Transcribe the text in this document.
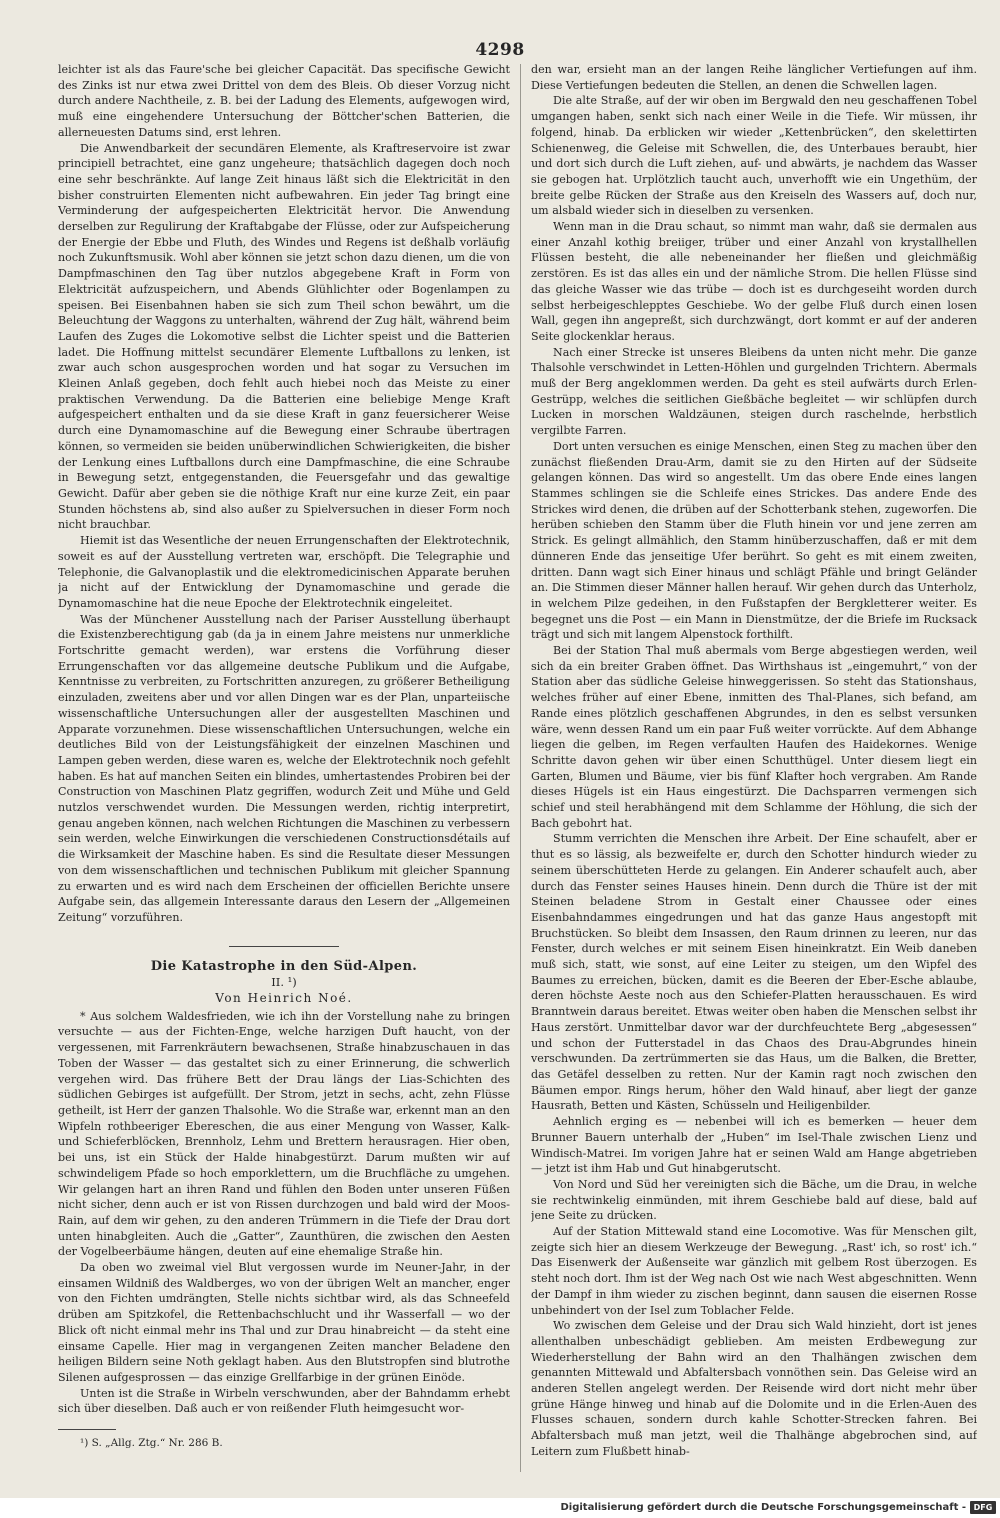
4298

leichter ist als das Faure'sche bei gleicher Capacität. Das specifische Gewicht des Zinks ist nur etwa zwei Drittel von dem des Bleis. Ob dieser Vorzug nicht durch andere Nachtheile, z. B. bei der Ladung des Elements, aufgewogen wird, muß eine eingehendere Untersuchung der Böttcher'schen Batterien, die allerneuesten Datums sind, erst lehren.

Die Anwendbarkeit der secundären Elemente, als Kraftreservoire ist zwar principiell betrachtet, eine ganz ungeheure; thatsächlich dagegen doch noch eine sehr beschränkte. Auf lange Zeit hinaus läßt sich die Elektricität in den bisher construirten Elementen nicht aufbewahren. Ein jeder Tag bringt eine Verminderung der aufgespeicherten Elektricität hervor. Die Anwendung derselben zur Regulirung der Kraftabgabe der Flüsse, oder zur Aufspeicherung der Energie der Ebbe und Fluth, des Windes und Regens ist deßhalb vorläufig noch Zukunftsmusik. Wohl aber können sie jetzt schon dazu dienen, um die von Dampfmaschinen den Tag über nutzlos abgegebene Kraft in Form von Elektricität aufzuspeichern, und Abends Glühlichter oder Bogenlampen zu speisen. Bei Eisenbahnen haben sie sich zum Theil schon bewährt, um die Beleuchtung der Waggons zu unterhalten, während der Zug hält, während beim Laufen des Zuges die Lokomotive selbst die Lichter speist und die Batterien ladet. Die Hoffnung mittelst secundärer Elemente Luftballons zu lenken, ist zwar auch schon ausgesprochen worden und hat sogar zu Versuchen im Kleinen Anlaß gegeben, doch fehlt auch hiebei noch das Meiste zu einer praktischen Verwendung. Da die Batterien eine beliebige Menge Kraft aufgespeichert enthalten und da sie diese Kraft in ganz feuersicherer Weise durch eine Dynamomaschine auf die Bewegung einer Schraube übertragen können, so vermeiden sie beiden unüberwindlichen Schwierigkeiten, die bisher der Lenkung eines Luftballons durch eine Dampfmaschine, die eine Schraube in Bewegung setzt, entgegenstanden, die Feuersgefahr und das gewaltige Gewicht. Dafür aber geben sie die nöthige Kraft nur eine kurze Zeit, ein paar Stunden höchstens ab, sind also außer zu Spielversuchen in dieser Form noch nicht brauchbar.

Hiemit ist das Wesentliche der neuen Errungenschaften der Elektrotechnik, soweit es auf der Ausstellung vertreten war, erschöpft. Die Telegraphie und Telephonie, die Galvanoplastik und die elektromedicinischen Apparate beruhen ja nicht auf der Entwicklung der Dynamomaschine und gerade die Dynamomaschine hat die neue Epoche der Elektrotechnik eingeleitet.

Was der Münchener Ausstellung nach der Pariser Ausstellung überhaupt die Existenzberechtigung gab (da ja in einem Jahre meistens nur unmerkliche Fortschritte gemacht werden), war erstens die Vorführung dieser Errungenschaften vor das allgemeine deutsche Publikum und die Aufgabe, Kenntnisse zu verbreiten, zu Fortschritten anzuregen, zu größerer Betheiligung einzuladen, zweitens aber und vor allen Dingen war es der Plan, unparteiische wissenschaftliche Untersuchungen aller der ausgestellten Maschinen und Apparate vorzunehmen. Diese wissenschaftlichen Untersuchungen, welche ein deutliches Bild von der Leistungsfähigkeit der einzelnen Maschinen und Lampen geben werden, diese waren es, welche der Elektrotechnik noch gefehlt haben. Es hat auf manchen Seiten ein blindes, umhertastendes Probiren bei der Construction von Maschinen Platz gegriffen, wodurch Zeit und Mühe und Geld nutzlos verschwendet wurden. Die Messungen werden, richtig interpretirt, genau angeben können, nach welchen Richtungen die Maschinen zu verbessern sein werden, welche Einwirkungen die verschiedenen Constructionsdétails auf die Wirksamkeit der Maschine haben. Es sind die Resultate dieser Messungen von dem wissenschaftlichen und technischen Publikum mit gleicher Spannung zu erwarten und es wird nach dem Erscheinen der officiellen Berichte unsere Aufgabe sein, das allgemein Interessante daraus den Lesern der „Allgemeinen Zeitung“ vorzuführen.

Die Katastrophe in den Süd-Alpen.
II. ¹)
Von Heinrich Noé.

* Aus solchem Waldesfrieden, wie ich ihn der Vorstellung nahe zu bringen versuchte — aus der Fichten-Enge, welche harzigen Duft haucht, von der vergessenen, mit Farrenkräutern bewachsenen, Straße hinabzuschauen in das Toben der Wasser — das gestaltet sich zu einer Erinnerung, die schwerlich vergehen wird. Das frühere Bett der Drau längs der Lias-Schichten des südlichen Gebirges ist aufgefüllt. Der Strom, jetzt in sechs, acht, zehn Flüsse getheilt, ist Herr der ganzen Thalsohle. Wo die Straße war, erkennt man an den Wipfeln rothbeeriger Ebereschen, die aus einer Mengung von Wasser, Kalk- und Schieferblöcken, Brennholz, Lehm und Brettern herausragen. Hier oben, bei uns, ist ein Stück der Halde hinabgestürzt. Darum mußten wir auf schwindeligem Pfade so hoch emporklettern, um die Bruchfläche zu umgehen. Wir gelangen hart an ihren Rand und fühlen den Boden unter unseren Füßen nicht sicher, denn auch er ist von Rissen durchzogen und bald wird der Moos-Rain, auf dem wir gehen, zu den anderen Trümmern in die Tiefe der Drau dort unten hinabgleiten. Auch die „Gatter“, Zaunthüren, die zwischen den Aesten der Vogelbeerbäume hängen, deuten auf eine ehemalige Straße hin.

Da oben wo zweimal viel Blut vergossen wurde im Neuner-Jahr, in der einsamen Wildniß des Waldberges, wo von der übrigen Welt an mancher, enger von den Fichten umdrängten, Stelle nichts sichtbar wird, als das Schneefeld drüben am Spitzkofel, die Rettenbachschlucht und ihr Wasserfall — wo der Blick oft nicht einmal mehr ins Thal und zur Drau hinabreicht — da steht eine einsame Capelle. Hier mag in vergangenen Zeiten mancher Beladene den heiligen Bildern seine Noth geklagt haben. Aus den Blutstropfen sind blutrothe Silenen aufgesprossen — das einzige Grellfarbige in der grünen Einöde.

Unten ist die Straße in Wirbeln verschwunden, aber der Bahndamm erhebt sich über dieselben. Daß auch er von reißender Fluth heimgesucht wor-

¹) S. „Allg. Ztg.“ Nr. 286 B.

den war, ersieht man an der langen Reihe länglicher Vertiefungen auf ihm. Diese Vertiefungen bedeuten die Stellen, an denen die Schwellen lagen.

Die alte Straße, auf der wir oben im Bergwald den neu geschaffenen Tobel umgangen haben, senkt sich nach einer Weile in die Tiefe. Wir müssen, ihr folgend, hinab. Da erblicken wir wieder „Kettenbrücken“, den skelettirten Schienenweg, die Geleise mit Schwellen, die, des Unterbaues beraubt, hier und dort sich durch die Luft ziehen, auf- und abwärts, je nachdem das Wasser sie gebogen hat. Urplötzlich taucht auch, unverhofft wie ein Ungethüm, der breite gelbe Rücken der Straße aus den Kreiseln des Wassers auf, doch nur, um alsbald wieder sich in dieselben zu versenken.

Wenn man in die Drau schaut, so nimmt man wahr, daß sie dermalen aus einer Anzahl kothig breiiger, trüber und einer Anzahl von krystallhellen Flüssen besteht, die alle nebeneinander her fließen und gleichmäßig zerstören. Es ist das alles ein und der nämliche Strom. Die hellen Flüsse sind das gleiche Wasser wie das trübe — doch ist es durchgeseiht worden durch selbst herbeigeschlepptes Geschiebe. Wo der gelbe Fluß durch einen losen Wall, gegen ihn angepreßt, sich durchzwängt, dort kommt er auf der anderen Seite glockenklar heraus.

Nach einer Strecke ist unseres Bleibens da unten nicht mehr. Die ganze Thalsohle verschwindet in Letten-Höhlen und gurgelnden Trichtern. Abermals muß der Berg angeklommen werden. Da geht es steil aufwärts durch Erlen-Gestrüpp, welches die seitlichen Gießbäche begleitet — wir schlüpfen durch Lucken in morschen Waldzäunen, steigen durch raschelnde, herbstlich vergilbte Farren.

Dort unten versuchen es einige Menschen, einen Steg zu machen über den zunächst fließenden Drau-Arm, damit sie zu den Hirten auf der Südseite gelangen können. Das wird so angestellt. Um das obere Ende eines langen Stammes schlingen sie die Schleife eines Strickes. Das andere Ende des Strickes wird denen, die drüben auf der Schotterbank stehen, zugeworfen. Die herüben schieben den Stamm über die Fluth hinein vor und jene zerren am Strick. Es gelingt allmählich, den Stamm hinüberzuschaffen, daß er mit dem dünneren Ende das jenseitige Ufer berührt. So geht es mit einem zweiten, dritten. Dann wagt sich Einer hinaus und schlägt Pfähle und bringt Geländer an. Die Stimmen dieser Männer hallen herauf. Wir gehen durch das Unterholz, in welchem Pilze gedeihen, in den Fußstapfen der Bergkletterer weiter. Es begegnet uns die Post — ein Mann in Dienstmütze, der die Briefe im Rucksack trägt und sich mit langem Alpenstock forthilft.

Bei der Station Thal muß abermals vom Berge abgestiegen werden, weil sich da ein breiter Graben öffnet. Das Wirthshaus ist „eingemuhrt,“ von der Station aber das südliche Geleise hinweggerissen. So steht das Stationshaus, welches früher auf einer Ebene, inmitten des Thal-Planes, sich befand, am Rande eines plötzlich geschaffenen Abgrundes, in den es selbst versunken wäre, wenn dessen Rand um ein paar Fuß weiter vorrückte. Auf dem Abhange liegen die gelben, im Regen verfaulten Haufen des Haidekornes. Wenige Schritte davon gehen wir über einen Schutthügel. Unter diesem liegt ein Garten, Blumen und Bäume, vier bis fünf Klafter hoch vergraben. Am Rande dieses Hügels ist ein Haus eingestürzt. Die Dachsparren vermengen sich schief und steil herabhängend mit dem Schlamme der Höhlung, die sich der Bach gebohrt hat.

Stumm verrichten die Menschen ihre Arbeit. Der Eine schaufelt, aber er thut es so lässig, als bezweifelte er, durch den Schotter hindurch wieder zu seinem überschütteten Herde zu gelangen. Ein Anderer schaufelt auch, aber durch das Fenster seines Hauses hinein. Denn durch die Thüre ist der mit Steinen beladene Strom in Gestalt einer Chaussee oder eines Eisenbahndammes eingedrungen und hat das ganze Haus angestopft mit Bruchstücken. So bleibt dem Insassen, den Raum drinnen zu leeren, nur das Fenster, durch welches er mit seinem Eisen hineinkratzt. Ein Weib daneben muß sich, statt, wie sonst, auf eine Leiter zu steigen, um den Wipfel des Baumes zu erreichen, bücken, damit es die Beeren der Eber-Esche ablaube, deren höchste Aeste noch aus den Schiefer-Platten herausschauen. Es wird Branntwein daraus bereitet. Etwas weiter oben haben die Menschen selbst ihr Haus zerstört. Unmittelbar davor war der durchfeuchtete Berg „abgesessen“ und schon der Futterstadel in das Chaos des Drau-Abgrundes hinein verschwunden. Da zertrümmerten sie das Haus, um die Balken, die Bretter, das Getäfel desselben zu retten. Nur der Kamin ragt noch zwischen den Bäumen empor. Rings herum, höher den Wald hinauf, aber liegt der ganze Hausrath, Betten und Kästen, Schüsseln und Heiligenbilder.

Aehnlich erging es — nebenbei will ich es bemerken — heuer dem Brunner Bauern unterhalb der „Huben“ im Isel-Thale zwischen Lienz und Windisch-Matrei. Im vorigen Jahre hat er seinen Wald am Hange abgetrieben — jetzt ist ihm Hab und Gut hinabgerutscht.

Von Nord und Süd her vereinigten sich die Bäche, um die Drau, in welche sie rechtwinkelig einmünden, mit ihrem Geschiebe bald auf diese, bald auf jene Seite zu drücken.

Auf der Station Mittewald stand eine Locomotive. Was für Menschen gilt, zeigte sich hier an diesem Werkzeuge der Bewegung. „Rast' ich, so rost' ich.“ Das Eisenwerk der Außenseite war gänzlich mit gelbem Rost überzogen. Es steht noch dort. Ihm ist der Weg nach Ost wie nach West abgeschnitten. Wenn der Dampf in ihm wieder zu zischen beginnt, dann sausen die eisernen Rosse unbehindert von der Isel zum Toblacher Felde.

Wo zwischen dem Geleise und der Drau sich Wald hinzieht, dort ist jenes allenthalben unbeschädigt geblieben. Am meisten Erdbewegung zur Wiederherstellung der Bahn wird an den Thalhängen zwischen dem genannten Mittewald und Abfaltersbach vonnöthen sein. Das Geleise wird an anderen Stellen angelegt werden. Der Reisende wird dort nicht mehr über grüne Hänge hinweg und hinab auf die Dolomite und in die Erlen-Auen des Flusses schauen, sondern durch kahle Schotter-Strecken fahren. Bei Abfaltersbach muß man jetzt, weil die Thalhänge abgebrochen sind, auf Leitern zum Flußbett hinab-

Digitalisierung gefördert durch die Deutsche Forschungsgemeinschaft - DFG
